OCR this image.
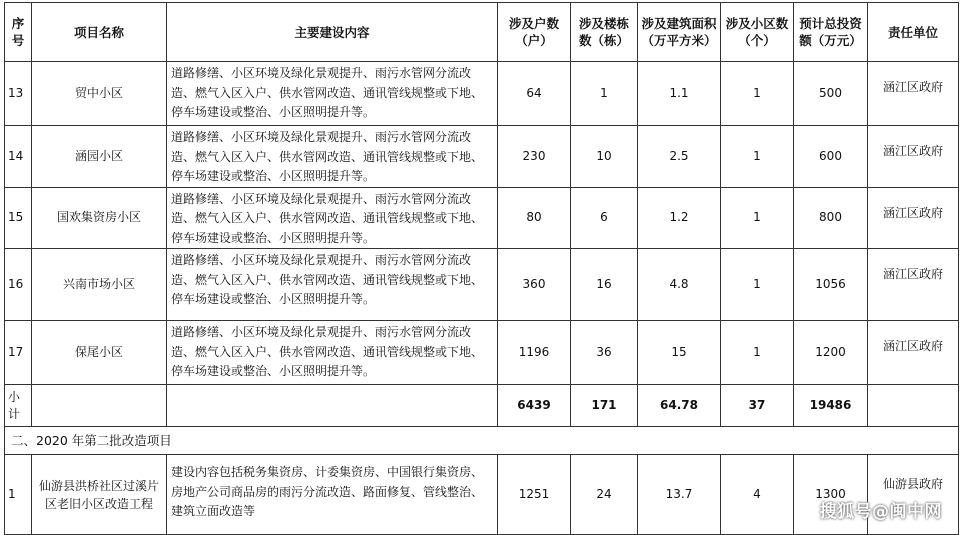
序号	项目名称	主要建设内容	涉及户数（户）	涉及楼栋数（栋）	涉及建筑面积（万平方米）	涉及小区数（个）	预计总投资额（万元）	责任单位
13	贸中小区	道路修缮、小区环境及绿化景观提升、雨污水管网分流改造、燃气入区入户、供水管网改造、通讯管线规整或下地、停车场建设或整治、小区照明提升等。	64	1	1.1	1	500	涵江区政府
14	涵园小区	道路修缮、小区环境及绿化景观提升、雨污水管网分流改造、燃气入区入户、供水管网改造、通讯管线规整或下地、停车场建设或整治、小区照明提升等。	230	10	2.5	1	600	涵江区政府
15	国欢集资房小区	道路修缮、小区环境及绿化景观提升、雨污水管网分流改造、燃气入区入户、供水管网改造、通讯管线规整或下地、停车场建设或整治、小区照明提升等。	80	6	1.2	1	800	涵江区政府
16	兴南市场小区	道路修缮、小区环境及绿化景观提升、雨污水管网分流改造、燃气入区入户、供水管网改造、通讯管线规整或下地、停车场建设或整治、小区照明提升等。	360	16	4.8	1	1056	涵江区政府
17	保尾小区	道路修缮、小区环境及绿化景观提升、雨污水管网分流改造、燃气入区入户、供水管网改造、通讯管线规整或下地、停车场建设或整治、小区照明提升等。	1196	36	15	1	1200	涵江区政府
小计			6439	171	64.78	37	19486	
二、2020 年第二批改造项目								
1	仙游县洪桥社区过溪片区老旧小区改造工程	建设内容包括税务集资房、计委集资房、中国银行集资房、房地产公司商品房的雨污分流改造、路面修复、管线整治、建筑立面改造等	1251	24	13.7	4	1300	仙游县政府
搜狐号@闽中网
